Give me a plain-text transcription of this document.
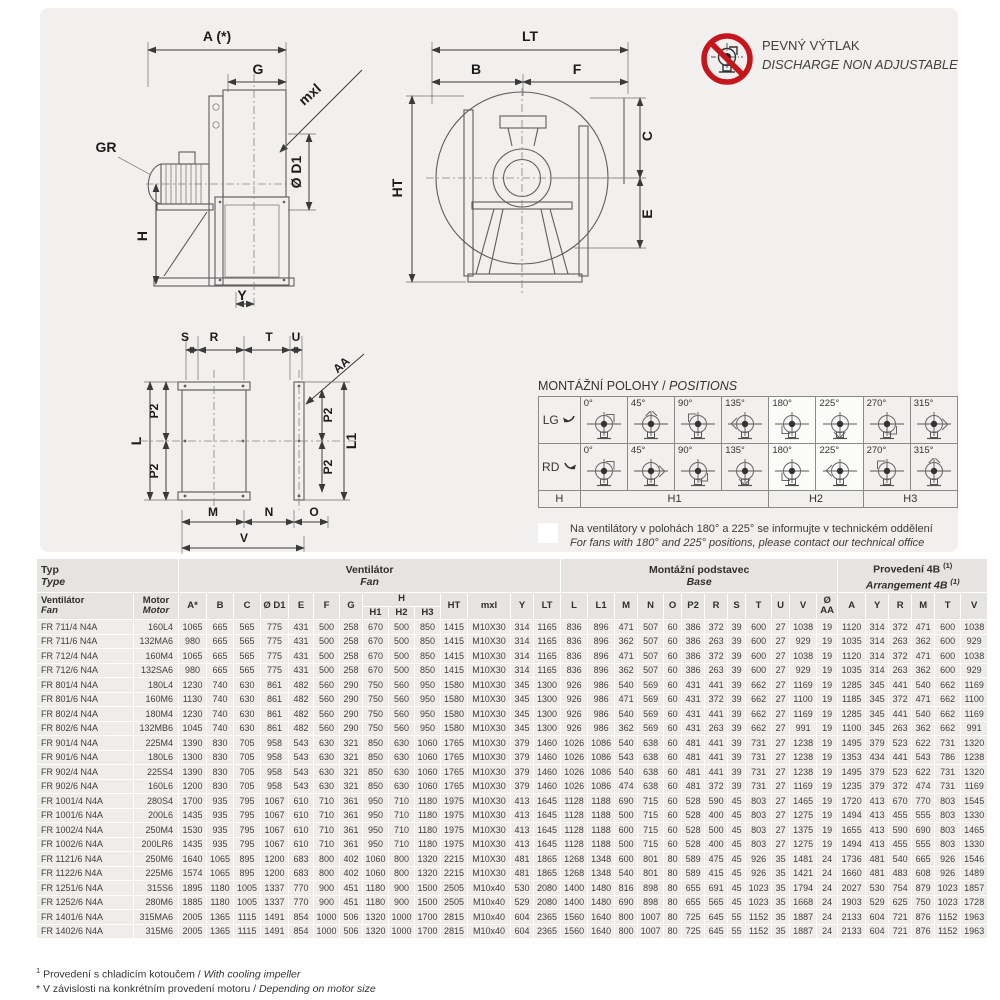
A (*)
G
mxl
Ø D1
H
GR
Y
LT
B	F
HT
C
E
S R	T U
AA
L
P2
P2
P2
P2
L1
M	N	O
V
PEVNÝ VÝTLAK
DISCHARGE NON ADJUSTABLE
MONTÁŽNÍ POLOHY / POSITIONS
LG	0°	45°	90°	135°	180°	225°	270°	315°

RD	0°	45°	90°	135°	180°	225°	270°	315°

H	H1				H2		H3	
Na ventilátory v polohách 180° a 225° se informujte v technickém oddělení
For fans with 180° and 225° positions, please contact our technical office
Typ
Type

Ventilátor
Fan

Montážní podstavec
Base

Provedení 4B $^{(1)}$
Arrangement 4B $^{(1)}$

Ventilátor
Fan

Motor
Motor	A*	B	C	Ø D1	E	F	G	H	HT	mxl	Y	LT	L	L1	M	N	O	P2	R	S	T	U	V	Ø AA	A	Y	R	M	T	V
									H1	H2	H3																						
FR 711/4 N4A	160L4	1065	665	565	775	431	500	258	670	500	850	1415	M10X30	314	1165	836	896	471	507	60	386	372	39	600	27	1038	19	1120	314	372	471	600	1038
FR 711/6 N4A	132MA6	980	665	565	775	431	500	258	670	500	850	1415	M10X30	314	1165	836	896	362	507	60	386	263	39	600	27	929	19	1035	314	263	362	600	929
FR 712/4 N4A	160M4	1065	665	565	775	431	500	258	670	500	850	1415	M10X30	314	1165	836	896	471	507	60	386	372	39	600	27	1038	19	1120	314	372	471	600	1038
FR 712/6 N4A	132SA6	980	665	565	775	431	500	258	670	500	850	1415	M10X30	314	1165	836	896	362	507	60	386	263	39	600	27	929	19	1035	314	263	362	600	929
FR 801/4 N4A	180L4	1230	740	630	861	482	560	290	750	560	950	1580	M10X30	345	1300	926	986	540	569	60	431	441	39	662	27	1169	19	1285	345	441	540	662	1169
FR 801/6 N4A	160M6	1130	740	630	861	482	560	290	750	560	950	1580	M10X30	345	1300	926	986	471	569	60	431	372	39	662	27	1100	19	1185	345	372	471	662	1100
FR 802/4 N4A	180M4	1230	740	630	861	482	560	290	750	560	950	1580	M10X30	345	1300	926	986	540	569	60	431	441	39	662	27	1169	19	1285	345	441	540	662	1169
FR 802/6 N4A	132MB6	1045	740	630	861	482	560	290	750	560	950	1580	M10X30	345	1300	926	986	362	569	60	431	263	39	662	27	991	19	1100	345	263	362	662	991
FR 901/4 N4A	225M4	1390	830	705	958	543	630	321	850	630	1060	1765	M10X30	379	1460	1026	1086	540	638	60	481	441	39	731	27	1238	19	1495	379	523	622	731	1320
FR 901/6 N4A	180L6	1300	830	705	958	543	630	321	850	630	1060	1765	M10X30	379	1460	1026	1086	543	638	60	481	441	39	731	27	1238	19	1353	434	441	543	786	1238
FR 902/4 N4A	225S4	1390	830	705	958	543	630	321	850	630	1060	1765	M10X30	379	1460	1026	1086	540	638	60	481	441	39	731	27	1238	19	1495	379	523	622	731	1320
FR 902/6 N4A	160L6	1200	830	705	958	543	630	321	850	630	1060	1765	M10X30	379	1460	1026	1086	474	638	60	481	372	39	731	27	1169	19	1235	379	372	474	731	1169
FR 1001/4 N4A	280S4	1700	935	795	1067	610	710	361	950	710	1180	1975	M10X30	413	1645	1128	1188	690	715	60	528	590	45	803	27	1465	19	1720	413	670	770	803	1545
FR 1001/6 N4A	200L6	1435	935	795	1067	610	710	361	950	710	1180	1975	M10X30	413	1645	1128	1188	500	715	60	528	400	45	803	27	1275	19	1494	413	455	555	803	1330
FR 1002/4 N4A	250M4	1530	935	795	1067	610	710	361	950	710	1180	1975	M10X30	413	1645	1128	1188	600	715	60	528	500	45	803	27	1375	19	1655	413	590	690	803	1465
FR 1002/6 N4A	200LR6	1435	935	795	1067	610	710	361	950	710	1180	1975	M10X30	413	1645	1128	1188	500	715	60	528	400	45	803	27	1275	19	1494	413	455	555	803	1330
FR 1121/6 N4A	250M6	1640	1065	895	1200	683	800	402	1060	800	1320	2215	M10X30	481	1865	1268	1348	600	801	80	589	475	45	926	35	1481	24	1736	481	540	665	926	1546
FR 1122/6 N4A	225M6	1574	1065	895	1200	683	800	402	1060	800	1320	2215	M10X30	481	1865	1268	1348	540	801	80	589	415	45	926	35	1421	24	1660	481	483	608	926	1489
FR 1251/6 N4A	315S6	1895	1180	1005	1337	770	900	451	1180	900	1500	2505	M10x40	530	2080	1400	1480	816	898	80	655	691	45	1023	35	1794	24	2027	530	754	879	1023	1857
FR 1252/6 N4A	280M6	1885	1180	1005	1337	770	900	451	1180	900	1500	2505	M10x40	529	2080	1400	1480	690	898	80	655	565	45	1023	35	1668	24	1903	529	625	750	1023	1728
FR 1401/6 N4A	315MA6	2005	1365	1115	1491	854	1000	506	1320	1000	1700	2815	M10x40	604	2365	1560	1640	800	1007	80	725	645	55	1152	35	1887	24	2133	604	721	876	1152	1963
FR 1402/6 N4A	315M6	2005	1365	1115	1491	854	1000	506	1320	1000	1700	2815	M10x40	604	2365	1560	1640	800	1007	80	725	645	55	1152	35	1887	24	2133	604	721	876	1152	1963
$^1$ Provedení s chladicím kotoučem / With cooling impeller
* V závislosti na konkrétním provedení motoru / Depending on motor size
